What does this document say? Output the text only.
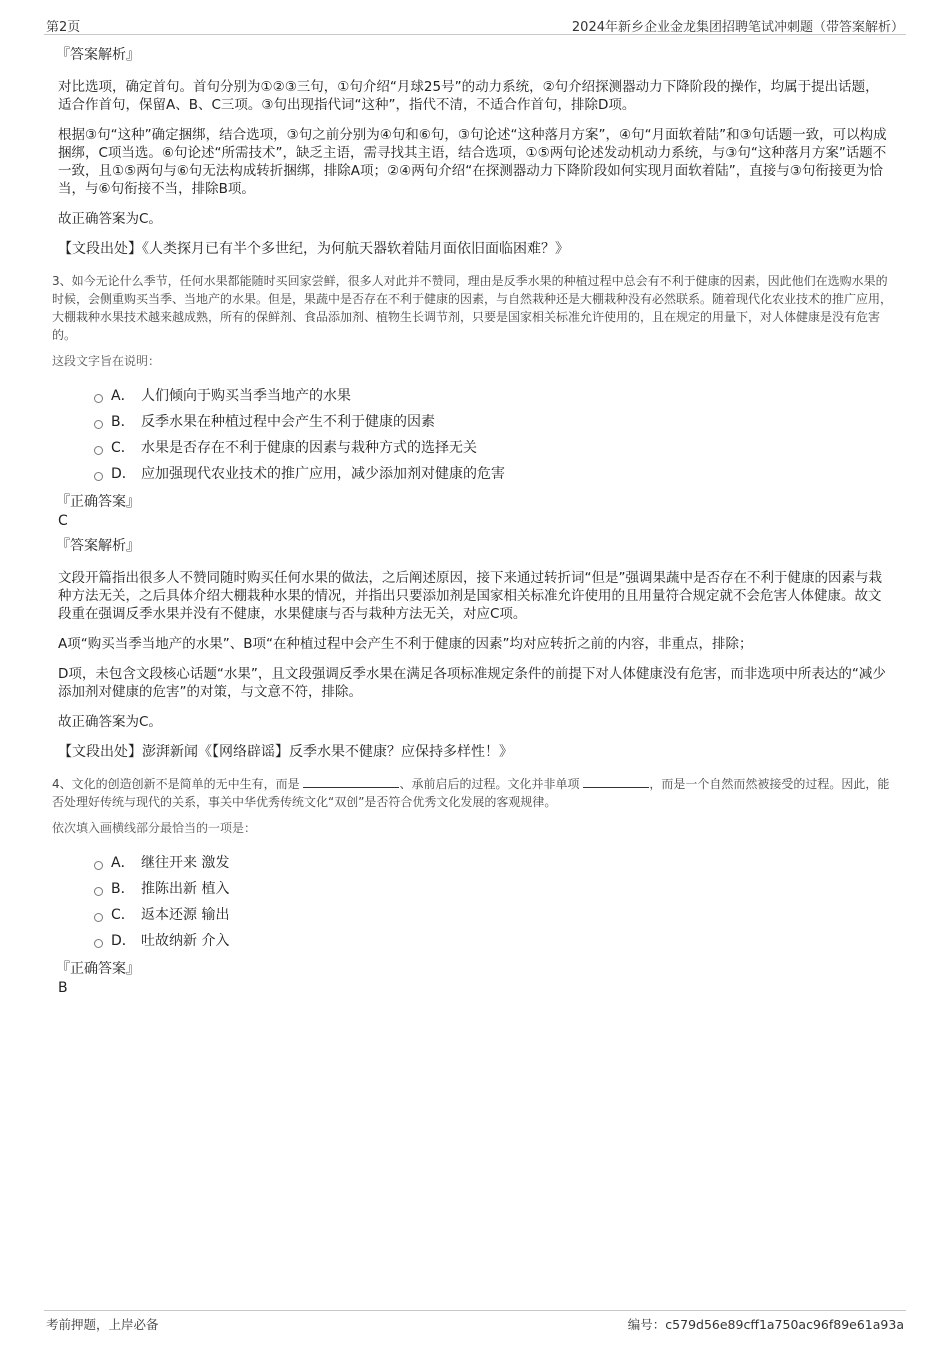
第2页	2024年新乡企业金龙集团招聘笔试冲刺题（带答案解析）
『答案解析』

对比选项，确定首句。首句分别为①②③三句，①句介绍“月球25号”的动力系统，②句介绍探测器动力下降阶段的操作，均属于提出话题，适合作首句，保留A、B、C三项。③句出现指代词“这种”，指代不清，不适合作首句，排除D项。

根据③句“这种”确定捆绑，结合选项，③句之前分别为④句和⑥句，③句论述“这种落月方案”，④句“月面软着陆”和③句话题一致，可以构成捆绑，C项当选。⑥句论述“所需技术”，缺乏主语，需寻找其主语，结合选项，①⑤两句论述发动机动力系统，与③句“这种落月方案”话题不一致，且①⑤两句与⑥句无法构成转折捆绑，排除A项；②④两句介绍“在探测器动力下降阶段如何实现月面软着陆”，直接与③句衔接更为恰当，与⑥句衔接不当，排除B项。

故正确答案为C。

【文段出处】《人类探月已有半个多世纪，为何航天器软着陆月面依旧面临困难？》

3、如今无论什么季节，任何水果都能随时买回家尝鲜，很多人对此并不赞同，理由是反季水果的种植过程中总会有不利于健康的因素，因此他们在选购水果的时候，会侧重购买当季、当地产的水果。但是，果蔬中是否存在不利于健康的因素，与自然栽种还是大棚栽种没有必然联系。随着现代化农业技术的推广应用，大棚栽种水果技术越来越成熟，所有的保鲜剂、食品添加剂、植物生长调节剂，只要是国家相关标准允许使用的，且在规定的用量下，对人体健康是没有危害的。

这段文字旨在说明：

A． 人们倾向于购买当季当地产的水果
B． 反季水果在种植过程中会产生不利于健康的因素
C． 水果是否存在不利于健康的因素与栽种方式的选择无关
D． 应加强现代农业技术的推广应用，减少添加剂对健康的危害
『正确答案』
C
『答案解析』

文段开篇指出很多人不赞同随时购买任何水果的做法，之后阐述原因，接下来通过转折词“但是”强调果蔬中是否存在不利于健康的因素与栽种方法无关，之后具体介绍大棚栽种水果的情况，并指出只要添加剂是国家相关标准允许使用的且用量符合规定就不会危害人体健康。故文段重在强调反季水果并没有不健康，水果健康与否与栽种方法无关，对应C项。

A项“购买当季当地产的水果”、B项“在种植过程中会产生不利于健康的因素”均对应转折之前的内容，非重点，排除；

D项，未包含文段核心话题“水果”，且文段强调反季水果在满足各项标准规定条件的前提下对人体健康没有危害，而非选项中所表达的“减少添加剂对健康的危害”的对策，与文意不符，排除。

故正确答案为C。

【文段出处】澎湃新闻《【网络辟谣】反季水果不健康？应保持多样性！》

4、文化的创造创新不是简单的无中生有，而是	、承前启后的过程。文化并非单项	，而是一个自然而然被接受的过程。因此，能否处理好传统与现代的关系，事关中华优秀传统文化“双创”是否符合优秀文化发展的客观规律。

依次填入画横线部分最恰当的一项是：

A． 继往开来 激发
B． 推陈出新 植入
C． 返本还源 输出
D． 吐故纳新 介入
『正确答案』
B
考前押题，上岸必备	编号：c579d56e89cff1a750ac96f89e61a93a
